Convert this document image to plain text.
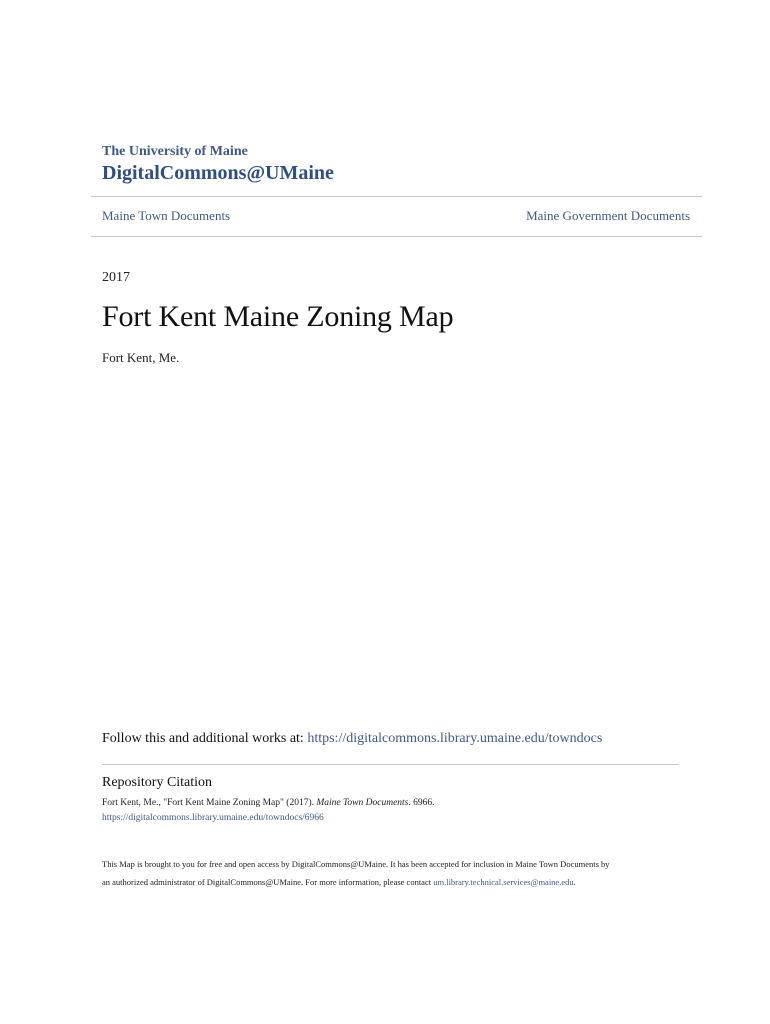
The University of Maine
DigitalCommons@UMaine
Maine Town Documents	Maine Government Documents
2017
Fort Kent Maine Zoning Map
Fort Kent, Me.
Follow this and additional works at: https://digitalcommons.library.umaine.edu/towndocs
Repository Citation
Fort Kent, Me., "Fort Kent Maine Zoning Map" (2017). Maine Town Documents. 6966.
https://digitalcommons.library.umaine.edu/towndocs/6966
This Map is brought to you for free and open access by DigitalCommons@UMaine. It has been accepted for inclusion in Maine Town Documents by
an authorized administrator of DigitalCommons@UMaine. For more information, please contact um.library.technical.services@maine.edu.
